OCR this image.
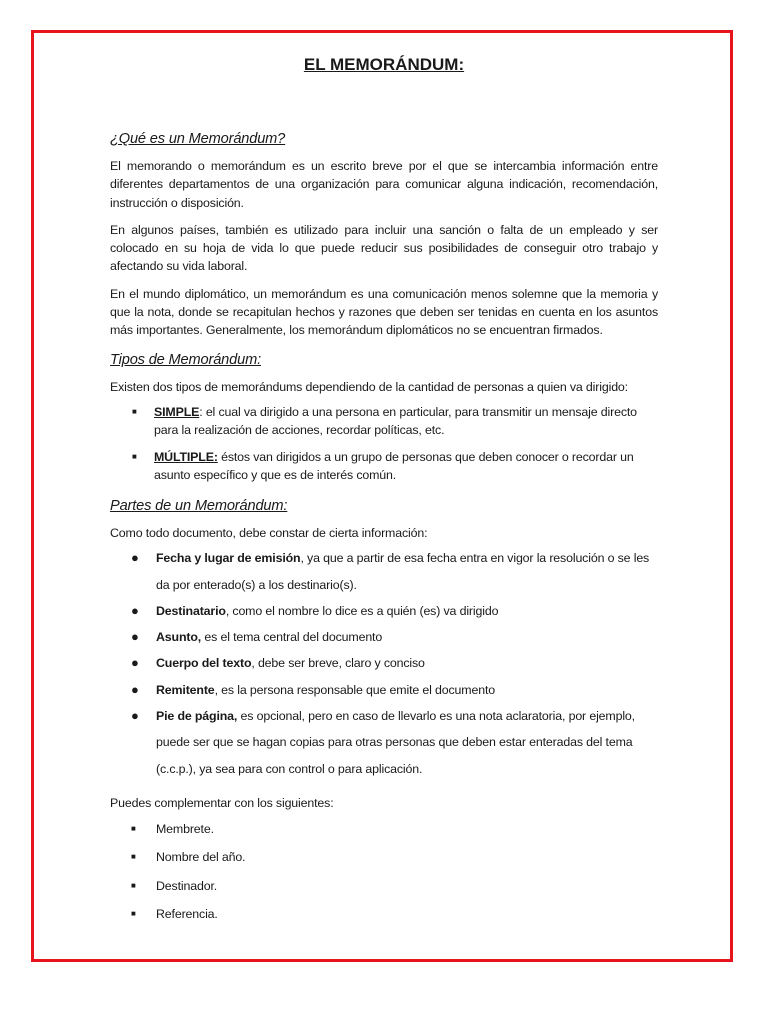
EL MEMORÁNDUM:
¿Qué es un Memorándum?

El memorando o memorándum es un escrito breve por el que se intercambia información entre diferentes departamentos de una organización para comunicar alguna indicación, recomendación, instrucción o disposición.

En algunos países, también es utilizado para incluir una sanción o falta de un empleado y ser colocado en su hoja de vida lo que puede reducir sus posibilidades de conseguir otro trabajo y afectando su vida laboral.

En el mundo diplomático, un memorándum es una comunicación menos solemne que la memoria y que la nota, donde se recapitulan hechos y razones que deben ser tenidas en cuenta en los asuntos más importantes. Generalmente, los memorándum diplomáticos no se encuentran firmados.

Tipos de Memorándum:

Existen dos tipos de memorándums dependiendo de la cantidad de personas a quien va dirigido:

■ SIMPLE: el cual va dirigido a una persona en particular, para transmitir un mensaje directo para la realización de acciones, recordar políticas, etc.
■ MÚLTIPLE: éstos van dirigidos a un grupo de personas que deben conocer o recordar un asunto específico y que es de interés común.
Partes de un Memorándum:

Como todo documento, debe constar de cierta información:

● Fecha y lugar de emisión, ya que a partir de esa fecha entra en vigor la resolución o se les da por enterado(s) a los destinario(s).
● Destinatario, como el nombre lo dice es a quién (es) va dirigido
● Asunto, es el tema central del documento
● Cuerpo del texto, debe ser breve, claro y conciso
● Remitente, es la persona responsable que emite el documento
● Pie de página, es opcional, pero en caso de llevarlo es una nota aclaratoria, por ejemplo, puede ser que se hagan copias para otras personas que deben estar enteradas del tema (c.c.p.), ya sea para con control o para aplicación.

Puedes complementar con los siguientes:

■ Membrete.
■ Nombre del año.
■ Destinador.
■ Referencia.
